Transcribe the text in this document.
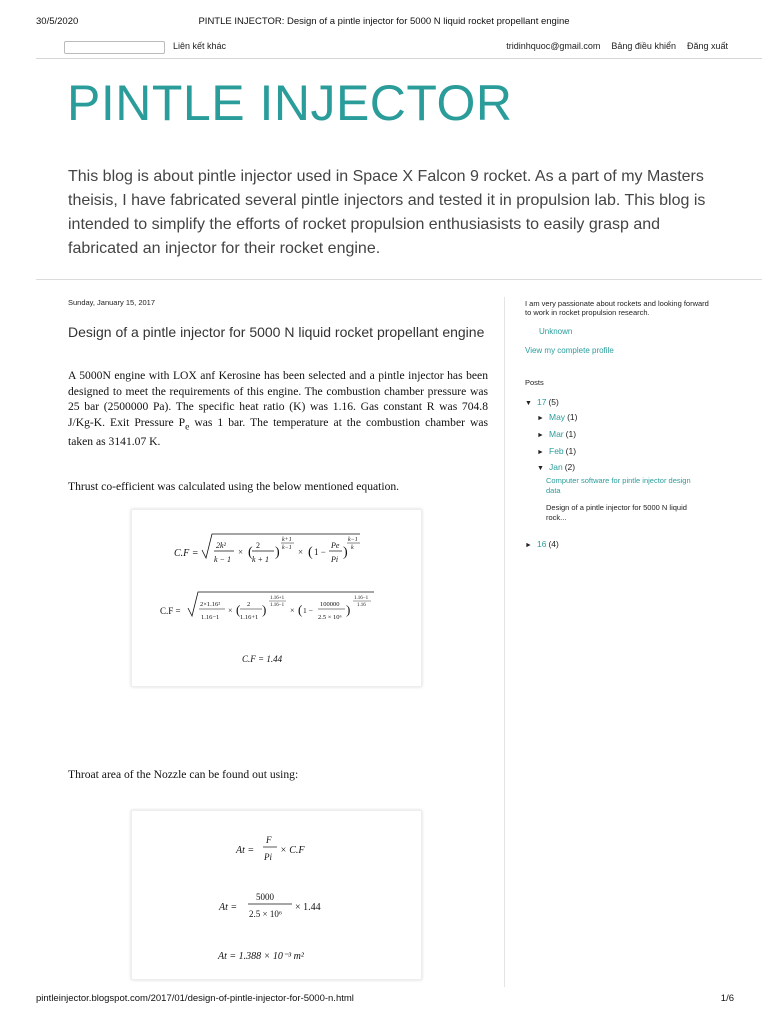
30/5/2020	PINTLE INJECTOR: Design of a pintle injector for 5000 N liquid rocket propellant engine
Liên kết khác	tridinhquoc@gmail.com Bảng điều khiển Đăng xuất
PINTLE INJECTOR

This blog is about pintle injector used in Space X Falcon 9 rocket. As a part of my Masters theisis, I have fabricated several pintle injectors and tested it in propulsion lab. This blog is intended to simplify the efforts of rocket propulsion enthusiasists to easily grasp and fabricated an injector for their rocket engine.

Sunday, January 15, 2017

Design of a pintle injector for 5000 N liquid rocket propellant engine

A 5000N engine with LOX anf Kerosine has been selected and a pintle injector has been designed to meet the requirements of this engine. The combustion chamber pressure was 25 bar (2500000 Pa). The specific heat ratio (K) was 1.16. Gas constant R was 704.8 J/Kg-K. Exit Pressure $P_e$ was 1 bar. The temperature at the combustion chamber was taken as 3141.07 K.

Thrust co-efficient was calculated using the below mentioned equation.

C.F =
2k²
k − 1
× ( 2
k + 1 )
k+1
k−1 × ( 1 −
Pe
Pi )
k−1
k
C.F =
2×1.16²
1.16−1
× ( 2
1.16+1
)
1.16+1
1.16−1
× ( 1 −
100000
2.5 × 10⁶
)
1.16−1
1.16
C.F = 1.44

Throat area of the Nozzle can be found out using:

At =
F
Pi
× C.F
At =
5000
2.5 × 10⁶
× 1.44
At = 1.388 × 10⁻³ m²

I am very passionate about rockets and looking forward to work in rocket propulsion research.

Unknown
View my complete profile
Posts
▼ 17 (5)
► May (1)
► Mar (1)
► Feb (1)
▼ Jan (2)
Computer software for pintle injector design data
Design of a pintle injector for 5000 N liquid rock...
► 16 (4)
pintleinjector.blogspot.com/2017/01/design-of-pintle-injector-for-5000-n.html	1/6
